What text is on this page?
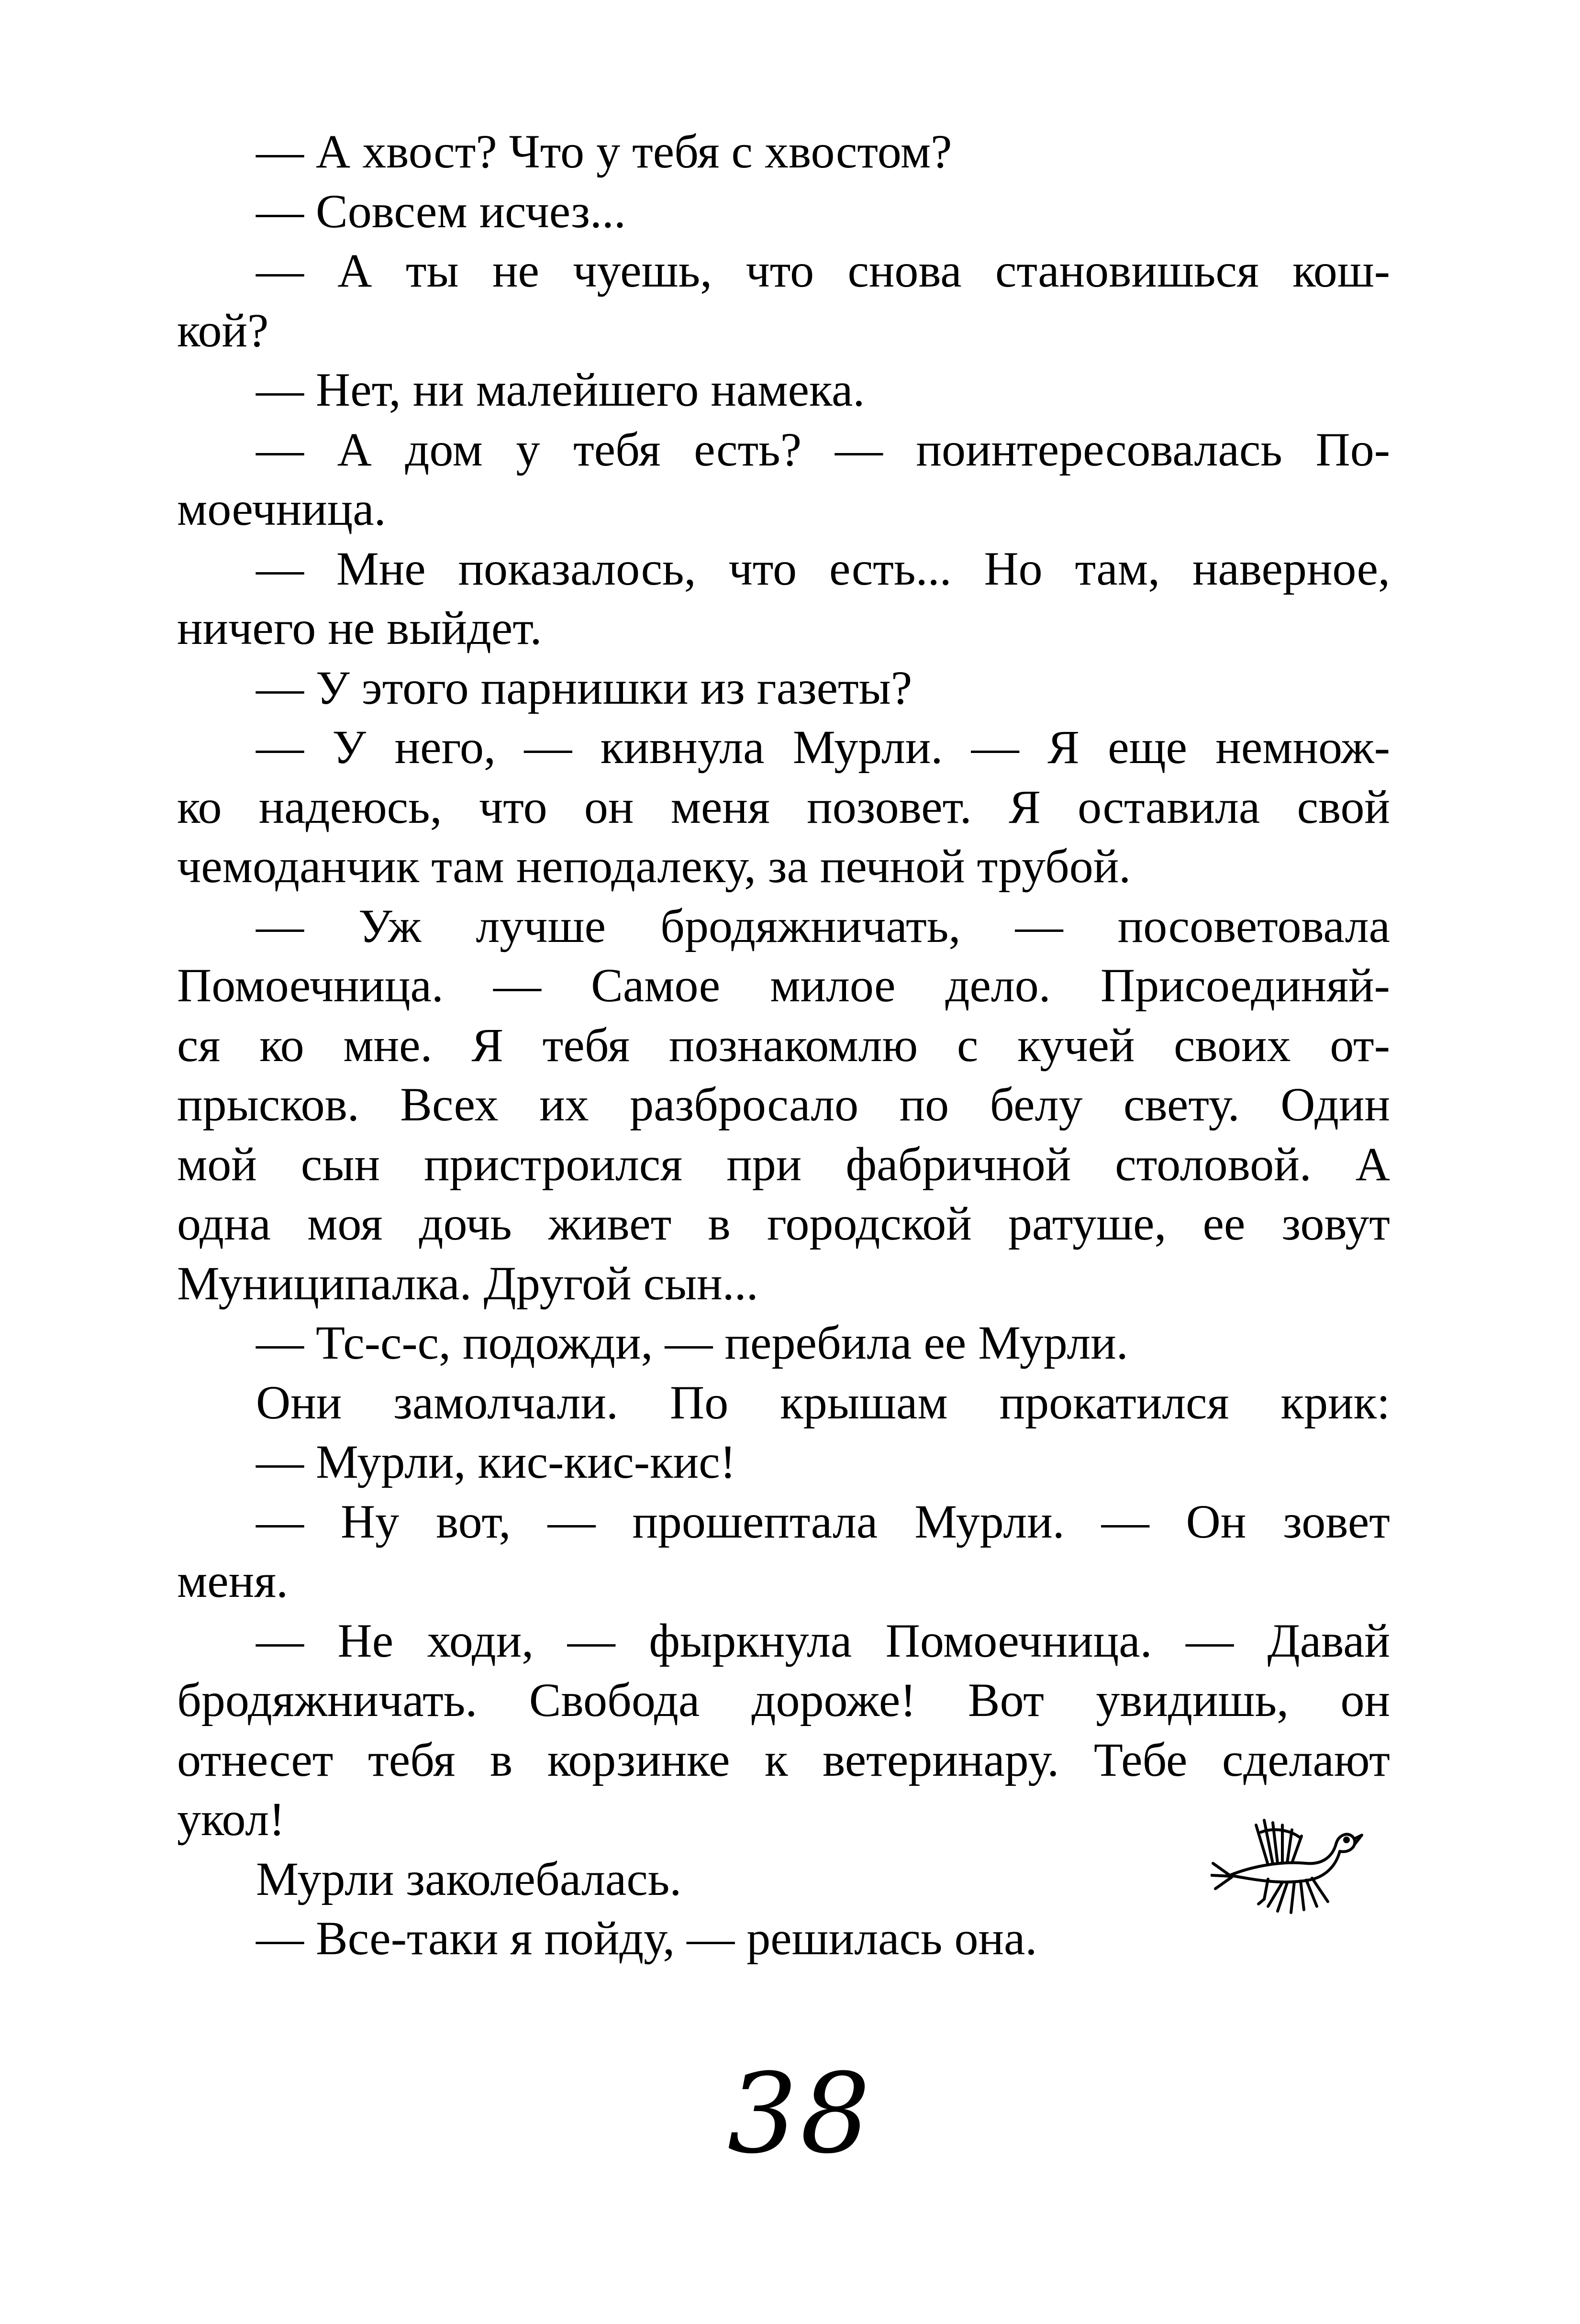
— А хвост? Что у тебя с хвостом?
— Совсем исчез...
— А ты не чуешь, что снова становишься кош-
кой?
— Нет, ни малейшего намека.
— А дом у тебя есть? — поинтересовалась По-
моечница.
— Мне показалось, что есть... Но там, наверное,
ничего не выйдет.
— У этого парнишки из газеты?
— У него, — кивнула Мурли. — Я еще немнож-
ко надеюсь, что он меня позовет. Я оставила свой
чемоданчик там неподалеку, за печной трубой.
— Уж лучше бродяжничать, — посоветовала
Помоечница. — Самое милое дело. Присоединяй-
ся ко мне. Я тебя познакомлю с кучей своих от-
прысков. Всех их разбросало по белу свету. Один
мой сын пристроился при фабричной столовой. А
одна моя дочь живет в городской ратуше, ее зовут
Муниципалка. Другой сын...
— Тс-с-с, подожди, — перебила ее Мурли.
Они замолчали. По крышам прокатился крик:
— Мурли, кис-кис-кис!
— Ну вот, — прошептала Мурли. — Он зовет
меня.
— Не ходи, — фыркнула Помоечница. — Давай
бродяжничать. Свобода дороже! Вот увидишь, он
отнесет тебя в корзинке к ветеринару. Тебе сделают
укол!
Мурли заколебалась.
— Все-таки я пойду, — решилась она.
38
